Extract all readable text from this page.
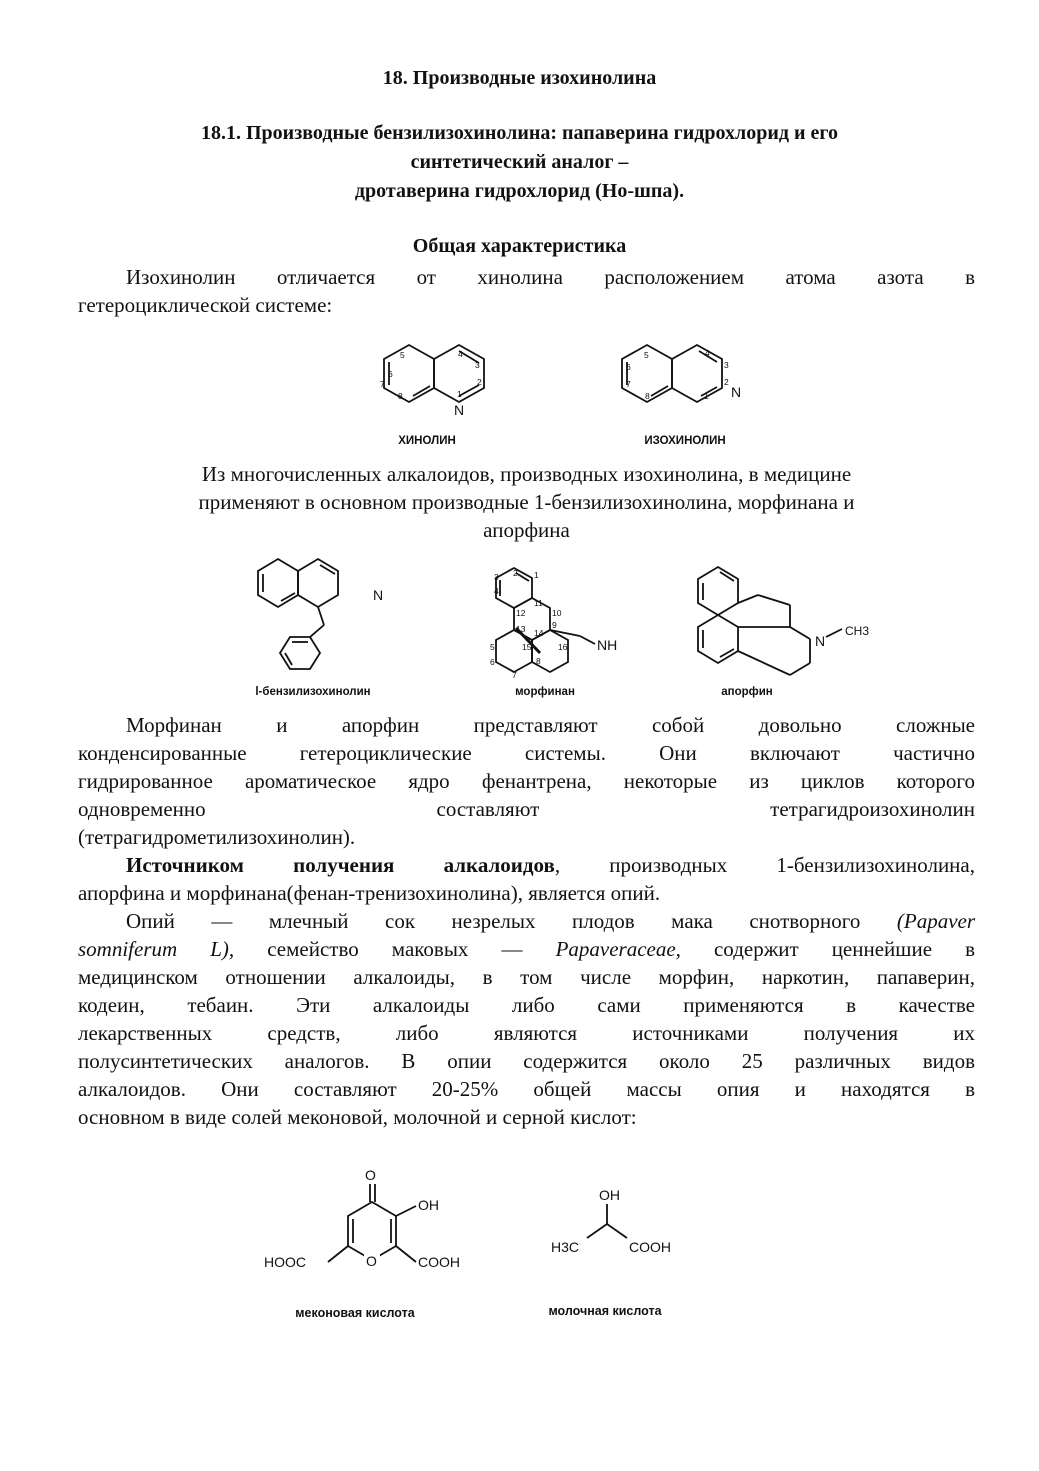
18. Производные изохинолина
18.1. Производные бензилизохинолина: папаверина гидрохлорид и его
синтетический аналог –
дротаверина гидрохлорид (Но-шпа).
Общая характеристика
Изохинолин отличается от хинолина расположением атома азота в
гетероциклической системе:
5
6
7
8
4
3
2
1
N
ХИНОЛИН
5
6
7
8
4
3
2
1 N
ИЗОХИНОЛИН
Из многочисленных алкалоидов, производных изохинолина, в медицине
применяют в основном производные 1-бензилизохинолина, морфинана и
апорфина
N
l-бензилизохинолин
3
4
2 1
11
12	10
9
13 14
15	16
5
6
7
8
NH
морфинан
N
CH3
апорфин
Морфинан и апорфин представляют собой довольно сложные
конденсированные гетероциклические системы. Они включают частично
гидрированное ароматическое ядро фенантрена, некоторые из циклов которого
одновременно составляют тетрагидроизохинолин
(тетрагидрометилизохинолин).
Источником получения алкалоидов, производных 1-бензилизохинолина,
апорфина и морфинана(фенан-тренизохинолина), является опий.
Опий — млечный сок незрелых плодов мака снотворного (Papaver
somniferum L), семейство маковых — Papaveraceae, содержит ценнейшие в
медицинском отношении алкалоиды, в том числе морфин, наркотин, папаверин,
кодеин, тебаин. Эти алкалоиды либо сами применяются в качестве
лекарственных средств, либо являются источниками получения их
полусинтетических аналогов. В опии содержится около 25 различных видов
алкалоидов. Они составляют 20-25% общей массы опия и находятся в
основном в виде солей меконовой, молочной и серной кислот:
O
O
OH
HOOC	COOH
меконовая кислота
OH
H3C	COOH
молочная кислота
